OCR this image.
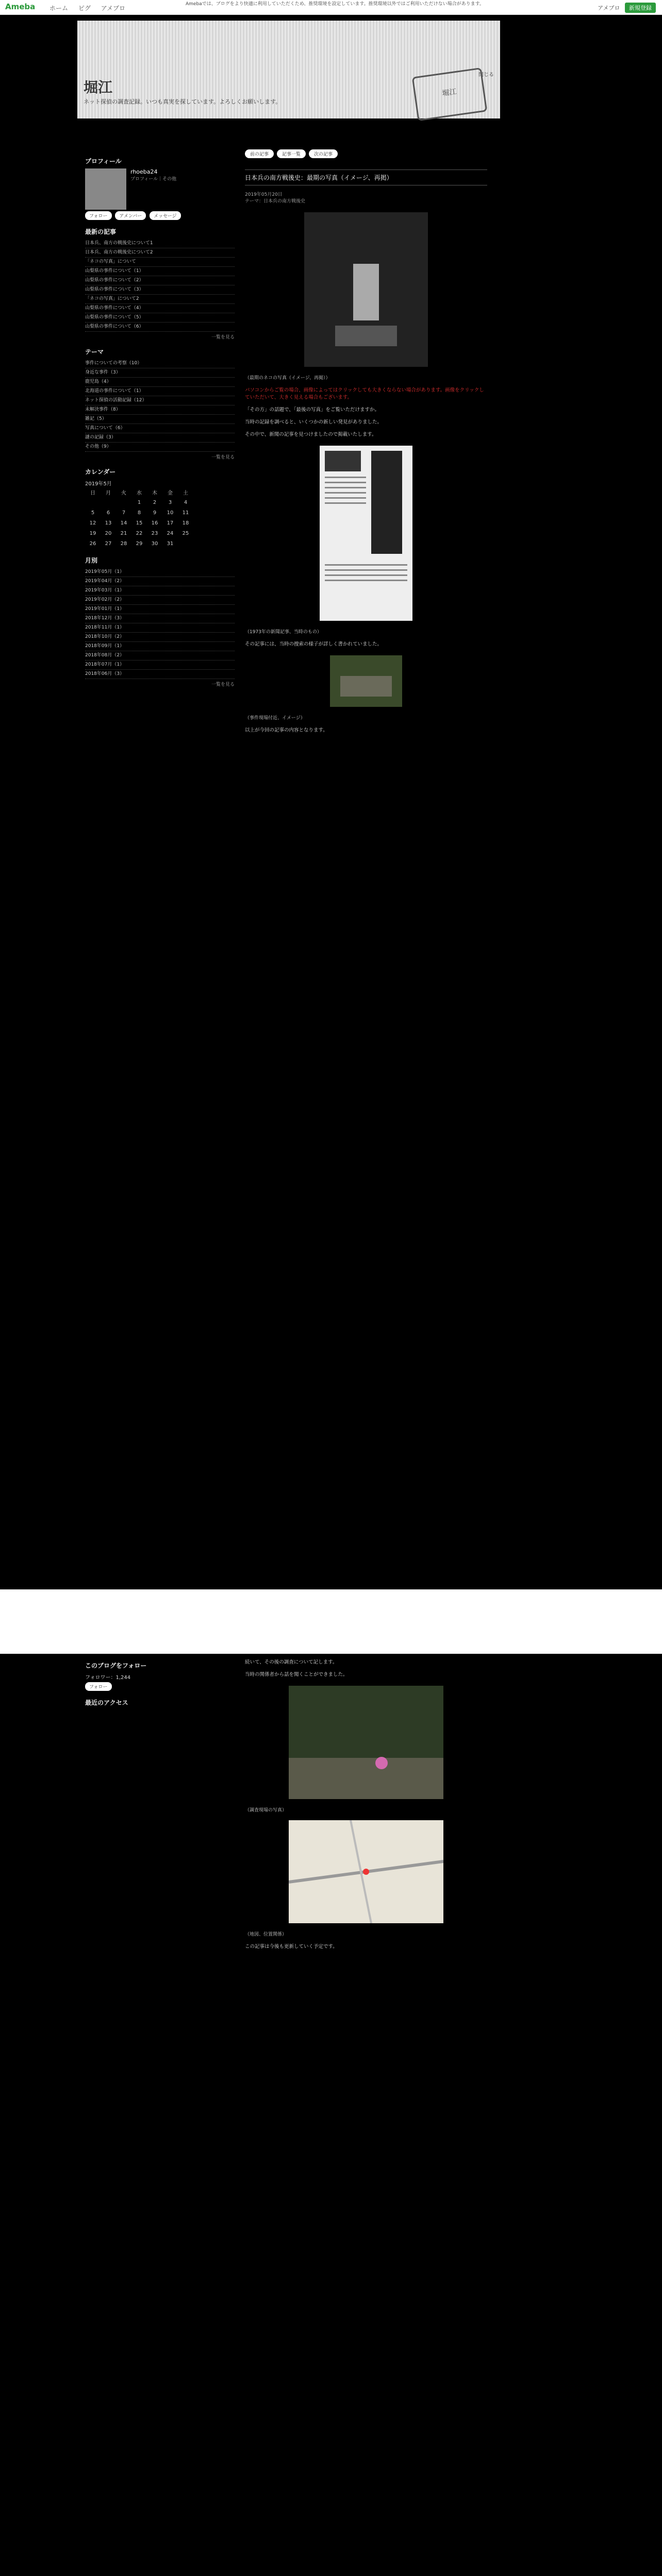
Ameba ホーム ピグ アメブロ
Amebaでは、ブログをより快適に利用していただくため、推奨環境を設定しています。推奨環境以外ではご利用いただけない場合があります。
アメブロ 新規登録
堀江
ネット探偵の調査記録。いつも真実を探しています。よろしくお願いします。
閉じる
堀江
プロフィール
rhoeba24
プロフィール｜その他
フォロー	アメンバー	メッセージ
最新の記事
日本兵、南方の戦後史について1
日本兵、南方の戦後史について2
「ネコの写真」について
山梨県の事件について（1）
山梨県の事件について（2）
山梨県の事件について（3）
「ネコの写真」について2
山梨県の事件について（4）
山梨県の事件について（5）
山梨県の事件について（6）
一覧を見る
テーマ
事件についての考察（10）
身近な事件（3）
鹿児島（4）
北海道の事件について（1）
ネット探偵の活動記録（12）
未解決事件（8）
雑記（5）
写真について（6）
謎の記録（3）
その他（9）
一覧を見る
カレンダー
2019年5月
日	月	火	水	木	金	土
			1	2	3	4
5	6	7	8	9	10	11
12	13	14	15	16	17	18
19	20	21	22	23	24	25
26	27	28	29	30	31	
月別
2019年05月（1）
2019年04月（2）
2019年03月（1）
2019年02月（2）
2019年01月（1）
2018年12月（3）
2018年11月（1）
2018年10月（2）
2018年09月（1）
2018年08月（2）
2018年07月（1）
2018年06月（3）
一覧を見る
前の記事	記事一覧	次の記事
日本兵の南方戦後史：最期の写真（イメージ、再掲）
2019年05月20日
テーマ：日本兵の南方戦後史
（最期のネコの写真（イメージ、再掲））

パソコンからご覧の場合、画像によってはクリックしても大きくならない場合があります。画像をクリックしていただいて、大きく見える場合もございます。

「その方」の話題で、「最後の写真」をご覧いただけますか。

当時の記録を調べると、いくつかの新しい発見がありました。

その中で、新聞の記事を見つけましたので掲載いたします。

（1973年の新聞記事、当時のもの）

その記事には、当時の捜索の様子が詳しく書かれていました。

（事件現場付近、イメージ）

以上が今回の記事の内容となります。

このブログをフォロー
フォロワー：1,244
フォロー
最近のアクセス

続いて、その後の調査について記します。

当時の関係者から話を聞くことができました。

（調査現場の写真）
（地図、位置関係）

この記事は今後も更新していく予定です。
